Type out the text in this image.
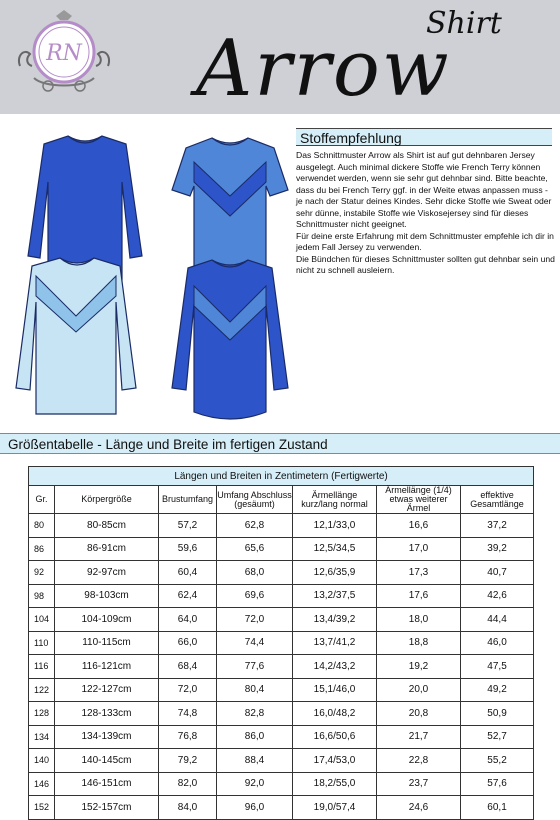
RN
Shirt
Arrow
Stoffempfehlung

Das Schnittmuster Arrow als Shirt ist auf gut dehnbaren Jersey ausgelegt. Auch minimal dickere Stoffe wie French Terry können verwendet werden, wenn sie sehr gut dehnbar sind. Bitte beachte, dass du bei French Terry ggf. in der Weite etwas anpassen muss - je nach der Statur deines Kindes. Sehr dicke Stoffe wie Sweat oder sehr dünne, instabile Stoffe wie Viskosejersey sind für dieses Schnittmuster nicht geeignet.

Für deine erste Erfahrung mit dem Schnittmuster empfehle ich dir in jedem Fall Jersey zu verwenden.

Die Bündchen für dieses Schnittmuster sollten gut dehnbar sein und nicht zu schnell ausleiern.

Größentabelle - Länge und Breite im fertigen Zustand
Längen und Breiten in Zentimetern (Fertigwerte)						
Gr.	Körpergröße	Brustumfang	Umfang Abschluss (gesäumt)	Ärmellänge kurz/lang normal	Ärmellänge (1/4) etwas weiterer Ärmel	effektive Gesamtlänge
80	80-85cm	57,2	62,8	12,1/33,0	16,6	37,2
86	86-91cm	59,6	65,6	12,5/34,5	17,0	39,2
92	92-97cm	60,4	68,0	12,6/35,9	17,3	40,7
98	98-103cm	62,4	69,6	13,2/37,5	17,6	42,6
104	104-109cm	64,0	72,0	13,4/39,2	18,0	44,4
110	110-115cm	66,0	74,4	13,7/41,2	18,8	46,0
116	116-121cm	68,4	77,6	14,2/43,2	19,2	47,5
122	122-127cm	72,0	80,4	15,1/46,0	20,0	49,2
128	128-133cm	74,8	82,8	16,0/48,2	20,8	50,9
134	134-139cm	76,8	86,0	16,6/50,6	21,7	52,7
140	140-145cm	79,2	88,4	17,4/53,0	22,8	55,2
146	146-151cm	82,0	92,0	18,2/55,0	23,7	57,6
152	152-157cm	84,0	96,0	19,0/57,4	24,6	60,1
